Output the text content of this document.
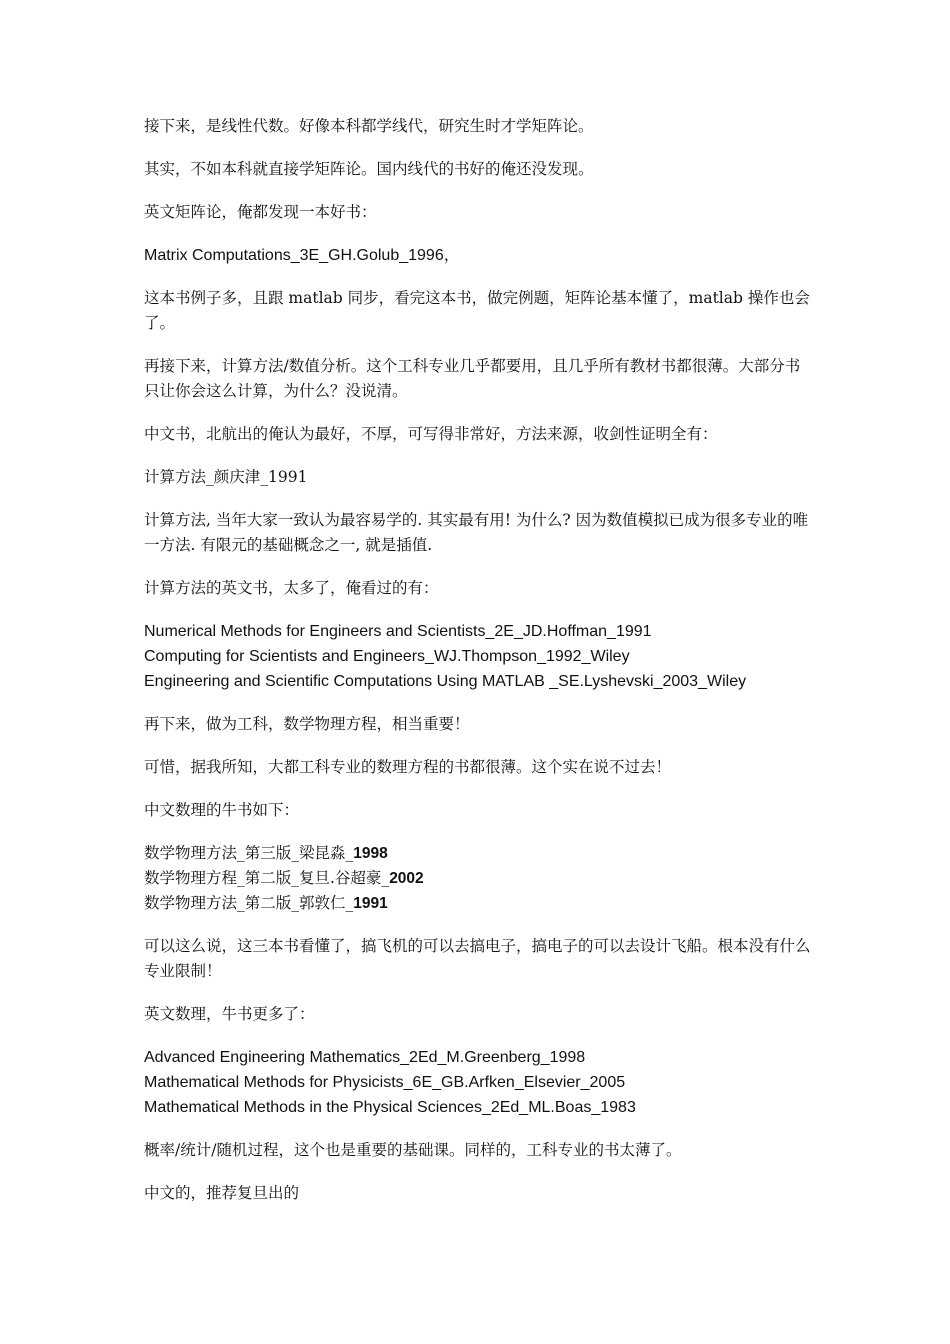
接下来，是线性代数。好像本科都学线代，研究生时才学矩阵论。

其实，不如本科就直接学矩阵论。国内线代的书好的俺还没发现。

英文矩阵论，俺都发现一本好书：

Matrix Computations_3E_GH.Golub_1996，

这本书例子多，且跟 matlab 同步，看完这本书，做完例题，矩阵论基本懂了，matlab 操作也会了。

再接下来，计算方法/数值分析。这个工科专业几乎都要用，且几乎所有教材书都很薄。大部分书只让你会这么计算，为什么？没说清。

中文书，北航出的俺认为最好，不厚，可写得非常好，方法来源，收剑性证明全有：

计算方法_颜庆津_1991

计算方法, 当年大家一致认为最容易学的. 其实最有用! 为什么? 因为数值模拟已成为很多专业的唯一方法. 有限元的基础概念之一, 就是插值.

计算方法的英文书，太多了，俺看过的有：

Numerical Methods for Engineers and Scientists_2E_JD.Hoffman_1991
Computing for Scientists and Engineers_WJ.Thompson_1992_Wiley
Engineering and Scientific Computations Using MATLAB _SE.Lyshevski_2003_Wiley

再下来，做为工科，数学物理方程，相当重要！

可惜，据我所知，大都工科专业的数理方程的书都很薄。这个实在说不过去！

中文数理的牛书如下：

数学物理方法_第三版_梁昆淼_1998
数学物理方程_第二版_复旦.谷超豪_2002
数学物理方法_第二版_郭敦仁_1991

可以这么说，这三本书看懂了，搞飞机的可以去搞电子，搞电子的可以去设计飞船。根本没有什么专业限制！

英文数理，牛书更多了：

Advanced Engineering Mathematics_2Ed_M.Greenberg_1998
Mathematical Methods for Physicists_6E_GB.Arfken_Elsevier_2005
Mathematical Methods in the Physical Sciences_2Ed_ML.Boas_1983

概率/统计/随机过程，这个也是重要的基础课。同样的，工科专业的书太薄了。

中文的，推荐复旦出的
